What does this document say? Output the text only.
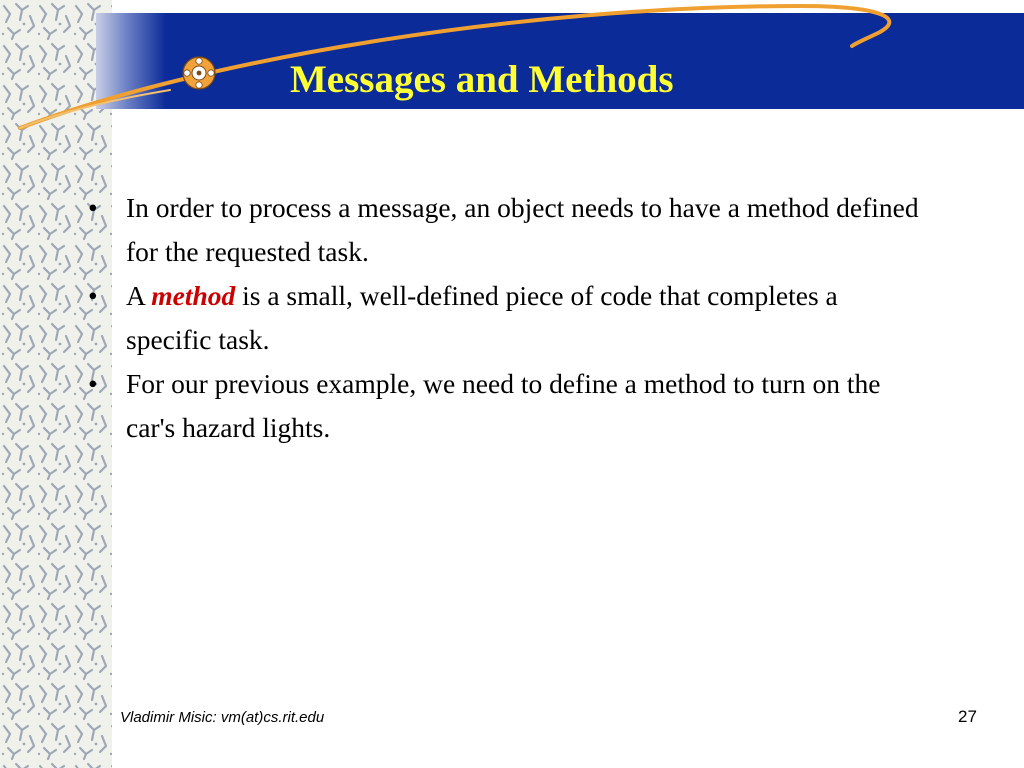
Messages and Methods
• In order to process a message, an object needs to have a method defined for the requested task.
• A method is a small, well-defined piece of code that completes a specific task.
• For our previous example, we need to define a method to turn on the car's hazard lights.
Vladimir Misic: vm(at)cs.rit.edu	27
